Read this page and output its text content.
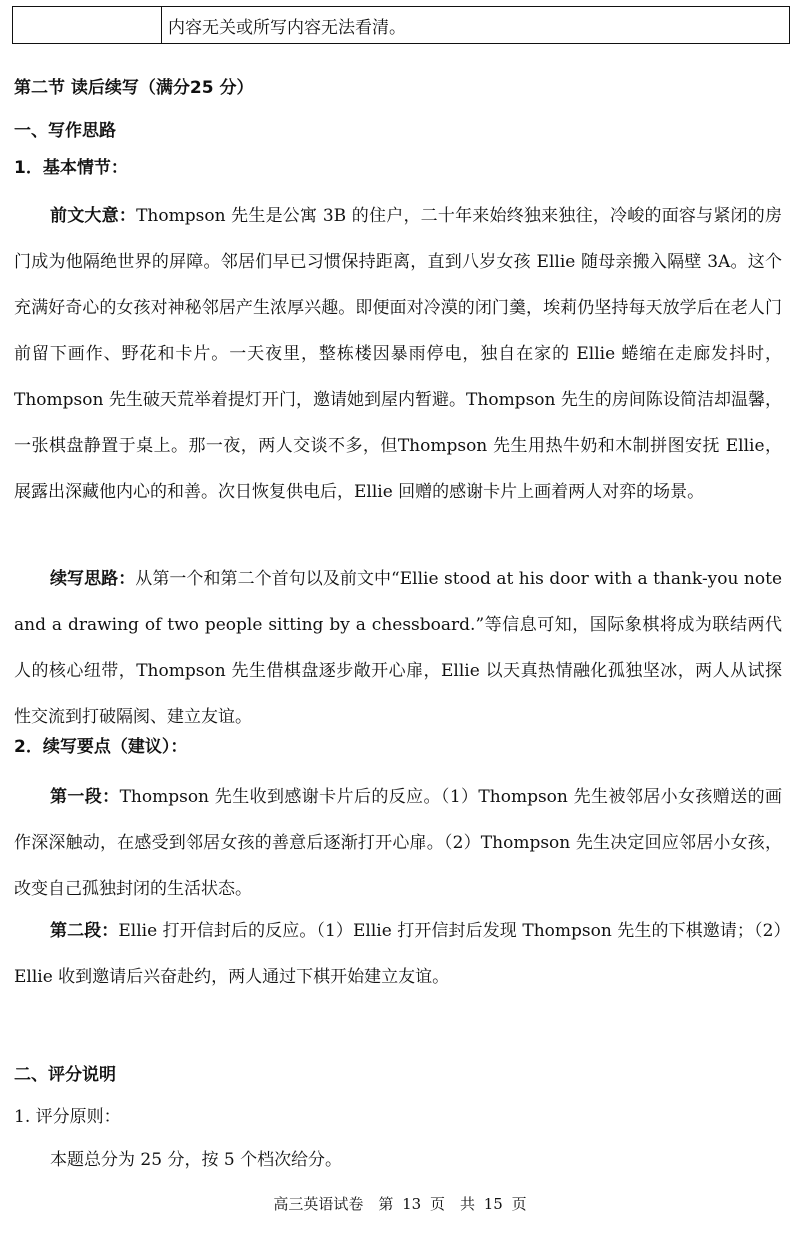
	内容无关或所写内容无法看清。
第二节 读后续写（满分25 分）
一、写作思路
1．基本情节：
前文大意：Thompson 先生是公寓 3B 的住户，二十年来始终独来独往，冷峻的面容与紧闭的房门成为他隔绝世界的屏障。邻居们早已习惯保持距离，直到八岁女孩 Ellie 随母亲搬入隔壁 3A。这个充满好奇心的女孩对神秘邻居产生浓厚兴趣。即便面对冷漠的闭门羹，埃莉仍坚持每天放学后在老人门前留下画作、野花和卡片。一天夜里，整栋楼因暴雨停电，独自在家的 Ellie 蜷缩在走廊发抖时，Thompson 先生破天荒举着提灯开门，邀请她到屋内暂避。Thompson 先生的房间陈设简洁却温馨，一张棋盘静置于桌上。那一夜，两人交谈不多，但Thompson 先生用热牛奶和木制拼图安抚 Ellie，展露出深藏他内心的和善。次日恢复供电后，Ellie 回赠的感谢卡片上画着两人对弈的场景。
续写思路：从第一个和第二个首句以及前文中“Ellie stood at his door with a thank-you note and a drawing of two people sitting by a chessboard.”等信息可知，国际象棋将成为联结两代人的核心纽带，Thompson 先生借棋盘逐步敞开心扉，Ellie 以天真热情融化孤独坚冰，两人从试探性交流到打破隔阂、建立友谊。
2．续写要点（建议）：
第一段：Thompson 先生收到感谢卡片后的反应。（1）Thompson 先生被邻居小女孩赠送的画作深深触动，在感受到邻居女孩的善意后逐渐打开心扉。（2）Thompson 先生决定回应邻居小女孩，改变自己孤独封闭的生活状态。
第二段：Ellie 打开信封后的反应。（1）Ellie 打开信封后发现 Thompson 先生的下棋邀请；（2）Ellie 收到邀请后兴奋赴约，两人通过下棋开始建立友谊。
二、评分说明
1. 评分原则：
本题总分为 25 分，按 5 个档次给分。
高三英语试卷　第 13 页　共 15 页
